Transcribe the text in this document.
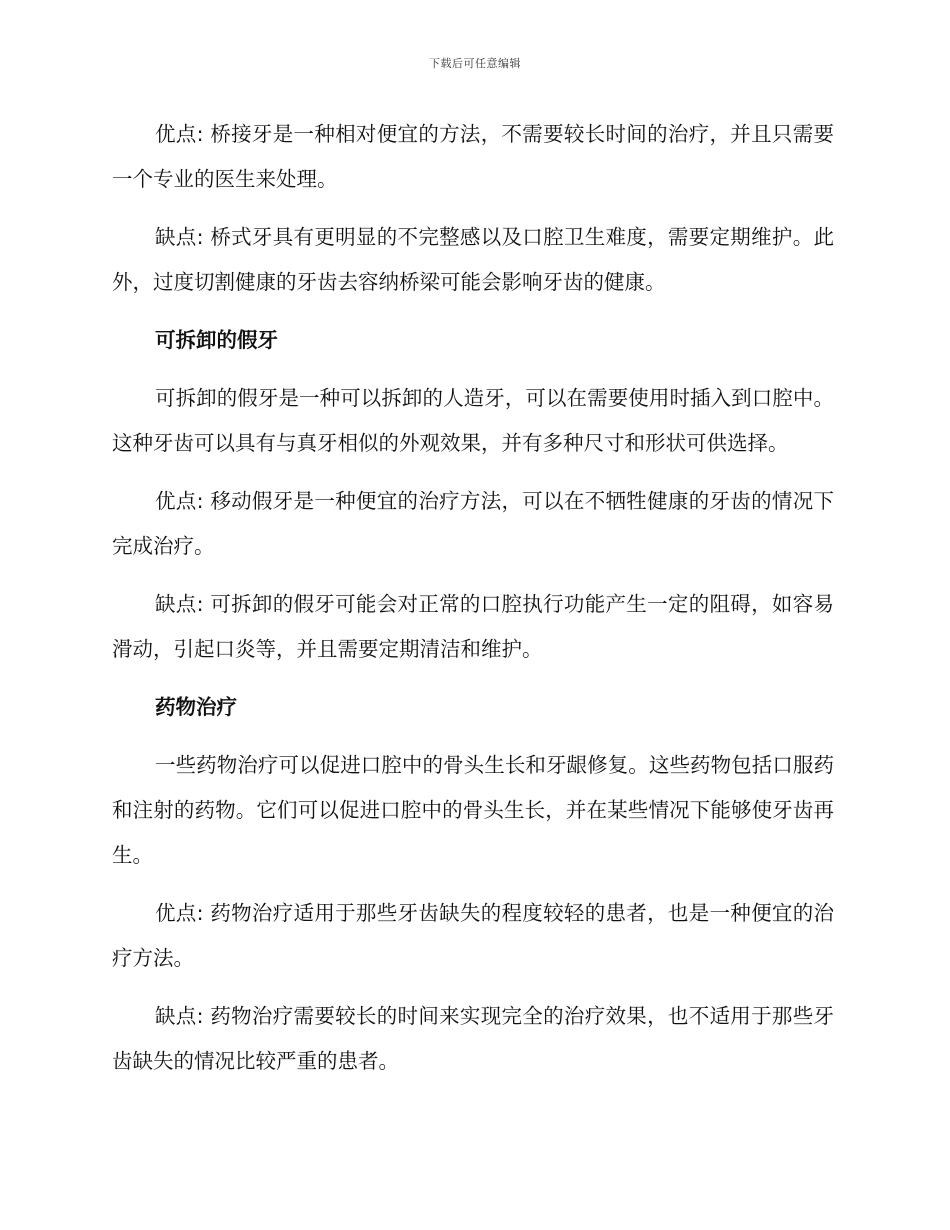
下载后可任意编辑

优点: 桥接牙是一种相对便宜的方法，不需要较长时间的治疗，并且只需要一个专业的医生来处理。

缺点: 桥式牙具有更明显的不完整感以及口腔卫生难度，需要定期维护。此外，过度切割健康的牙齿去容纳桥梁可能会影响牙齿的健康。

可拆卸的假牙

可拆卸的假牙是一种可以拆卸的人造牙，可以在需要使用时插入到口腔中。这种牙齿可以具有与真牙相似的外观效果，并有多种尺寸和形状可供选择。

优点: 移动假牙是一种便宜的治疗方法，可以在不牺牲健康的牙齿的情况下完成治疗。

缺点: 可拆卸的假牙可能会对正常的口腔执行功能产生一定的阻碍，如容易滑动，引起口炎等，并且需要定期清洁和维护。

药物治疗

一些药物治疗可以促进口腔中的骨头生长和牙龈修复。这些药物包括口服药和注射的药物。它们可以促进口腔中的骨头生长，并在某些情况下能够使牙齿再生。

优点: 药物治疗适用于那些牙齿缺失的程度较轻的患者，也是一种便宜的治疗方法。

缺点: 药物治疗需要较长的时间来实现完全的治疗效果，也不适用于那些牙齿缺失的情况比较严重的患者。
